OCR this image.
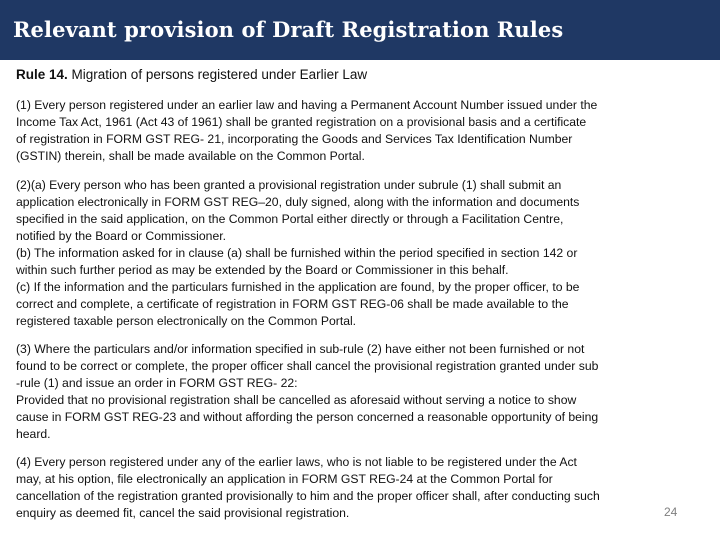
Relevant provision of Draft Registration Rules
Rule 14. Migration of persons registered under Earlier Law
(1) Every person registered under an earlier law and having a Permanent Account Number issued under the
Income Tax Act, 1961 (Act 43 of 1961) shall be granted registration on a provisional basis and a certificate
of registration in FORM GST REG- 21, incorporating the Goods and Services Tax Identification Number
(GSTIN) therein, shall be made available on the Common Portal.
(2)(a) Every person who has been granted a provisional registration under subrule (1) shall submit an
application electronically in FORM GST REG–20, duly signed, along with the information and documents
specified in the said application, on the Common Portal either directly or through a Facilitation Centre,
notified by the Board or Commissioner.
(b) The information asked for in clause (a) shall be furnished within the period specified in section 142 or
within such further period as may be extended by the Board or Commissioner in this behalf.
(c) If the information and the particulars furnished in the application are found, by the proper officer, to be
correct and complete, a certificate of registration in FORM GST REG-06 shall be made available to the
registered taxable person electronically on the Common Portal.
(3) Where the particulars and/or information specified in sub-rule (2) have either not been furnished or not
found to be correct or complete, the proper officer shall cancel the provisional registration granted under sub
-rule (1) and issue an order in FORM GST REG- 22:
Provided that no provisional registration shall be cancelled as aforesaid without serving a notice to show
cause in FORM GST REG-23 and without affording the person concerned a reasonable opportunity of being
heard.
(4) Every person registered under any of the earlier laws, who is not liable to be registered under the Act
may, at his option, file electronically an application in FORM GST REG-24 at the Common Portal for
cancellation of the registration granted provisionally to him and the proper officer shall, after conducting such
enquiry as deemed fit, cancel the said provisional registration.	24
